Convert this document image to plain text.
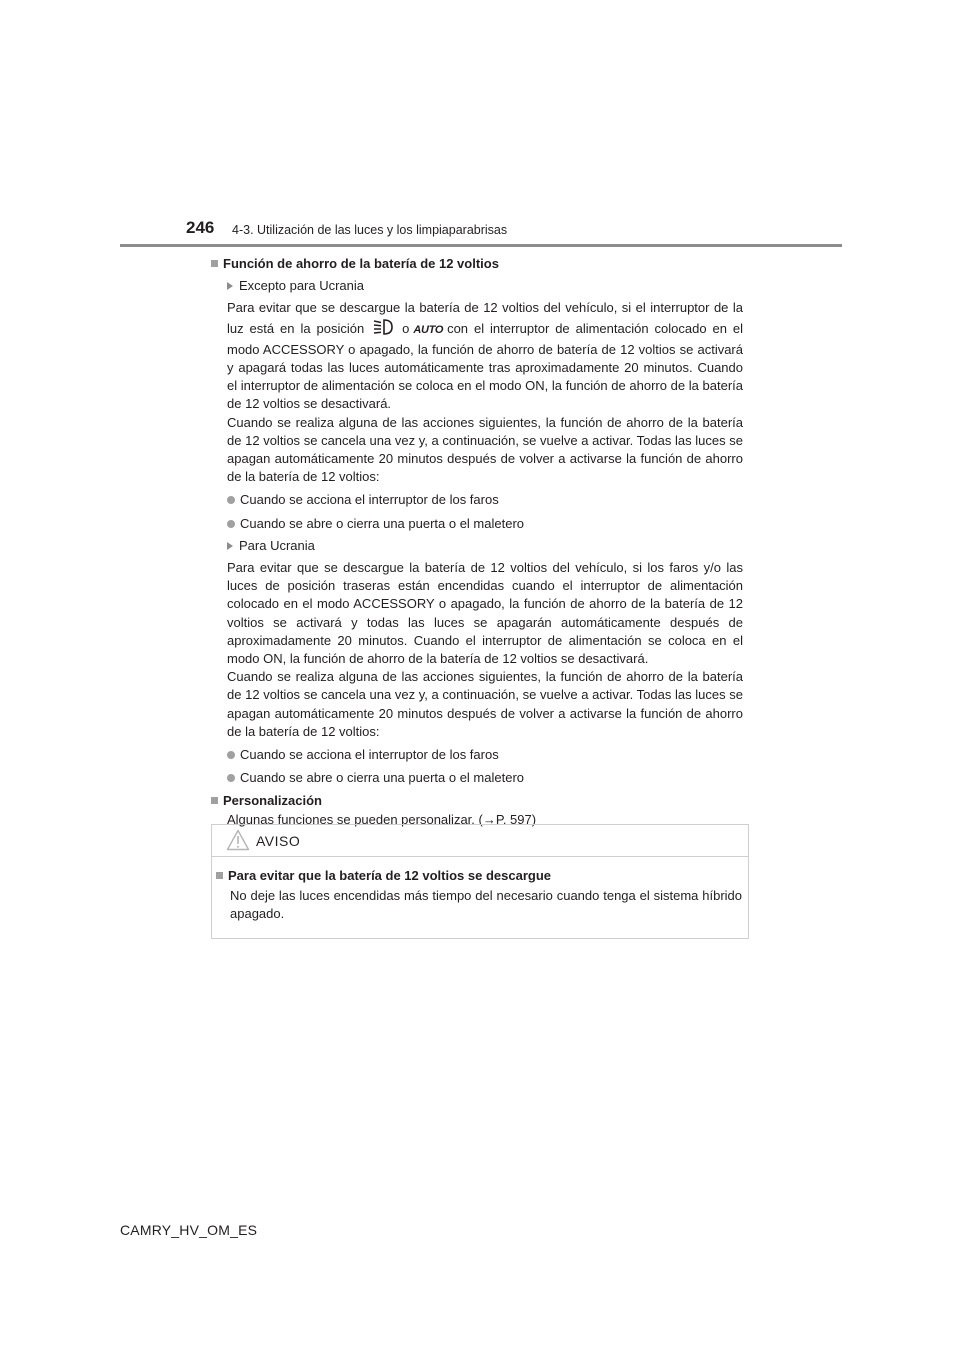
246 4-3. Utilización de las luces y los limpiaparabrisas
Función de ahorro de la batería de 12 voltios
Excepto para Ucrania

Para evitar que se descargue la batería de 12 voltios del vehículo, si el interruptor de la luz está en la posición	o AUTO con el interruptor de alimentación colocado en el modo ACCESSORY o apagado, la función de ahorro de batería de 12 voltios se activará y apagará todas las luces automáticamente tras aproximadamente 20 minutos. Cuando el interruptor de alimentación se coloca en el modo ON, la función de ahorro de la batería de 12 voltios se desactivará.
Cuando se realiza alguna de las acciones siguientes, la función de ahorro de la batería de 12 voltios se cancela una vez y, a continuación, se vuelve a activar. Todas las luces se apagan automáticamente 20 minutos después de volver a activarse la función de ahorro de la batería de 12 voltios:

Cuando se acciona el interruptor de los faros
Cuando se abre o cierra una puerta o el maletero
Para Ucrania

Para evitar que se descargue la batería de 12 voltios del vehículo, si los faros y/o las luces de posición traseras están encendidas cuando el interruptor de alimentación colocado en el modo ACCESSORY o apagado, la función de ahorro de la batería de 12 voltios se activará y todas las luces se apagarán automáticamente después de aproximadamente 20 minutos. Cuando el interruptor de alimentación se coloca en el modo ON, la función de ahorro de la batería de 12 voltios se desactivará.
Cuando se realiza alguna de las acciones siguientes, la función de ahorro de la batería de 12 voltios se cancela una vez y, a continuación, se vuelve a activar. Todas las luces se apagan automáticamente 20 minutos después de volver a activarse la función de ahorro de la batería de 12 voltios:

Cuando se acciona el interruptor de los faros
Cuando se abre o cierra una puerta o el maletero
Personalización

Algunas funciones se pueden personalizar. (→P. 597)

AVISO
Para evitar que la batería de 12 voltios se descargue

No deje las luces encendidas más tiempo del necesario cuando tenga el sistema híbrido apagado.

CAMRY_HV_OM_ES
